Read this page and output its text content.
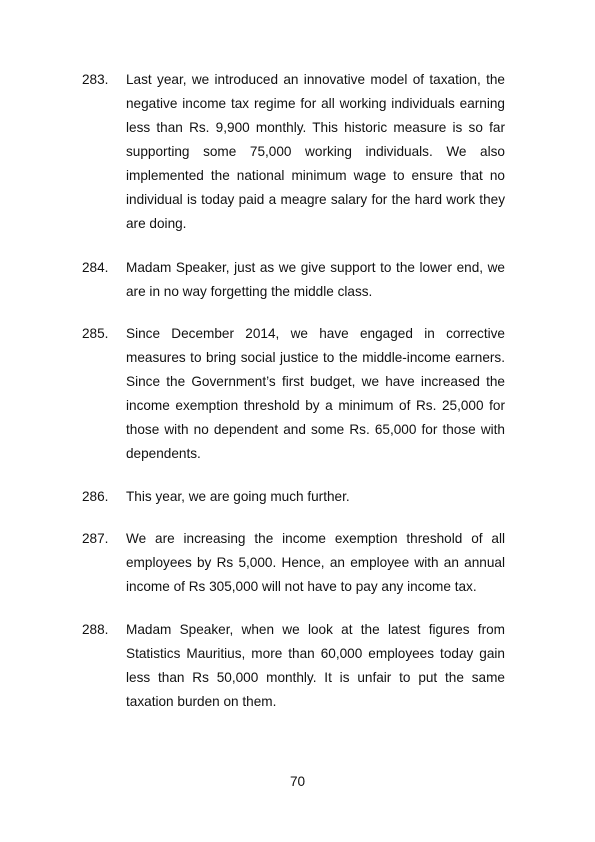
283.	Last year, we introduced an innovative model of taxation, the negative income tax regime for all working individuals earning less than Rs. 9,900 monthly. This historic measure is so far supporting some 75,000 working individuals. We also implemented the national minimum wage to ensure that no individual is today paid a meagre salary for the hard work they are doing.
284.	Madam Speaker, just as we give support to the lower end, we are in no way forgetting the middle class.
285.	Since December 2014, we have engaged in corrective measures to bring social justice to the middle-income earners. Since the Government’s first budget, we have increased the income exemption threshold by a minimum of Rs. 25,000 for those with no dependent and some Rs. 65,000 for those with dependents.
286.	This year, we are going much further.
287.	We are increasing the income exemption threshold of all employees by Rs 5,000. Hence, an employee with an annual income of Rs 305,000 will not have to pay any income tax.
288.	Madam Speaker, when we look at the latest figures from Statistics Mauritius, more than 60,000 employees today gain less than Rs 50,000 monthly. It is unfair to put the same taxation burden on them.
70
